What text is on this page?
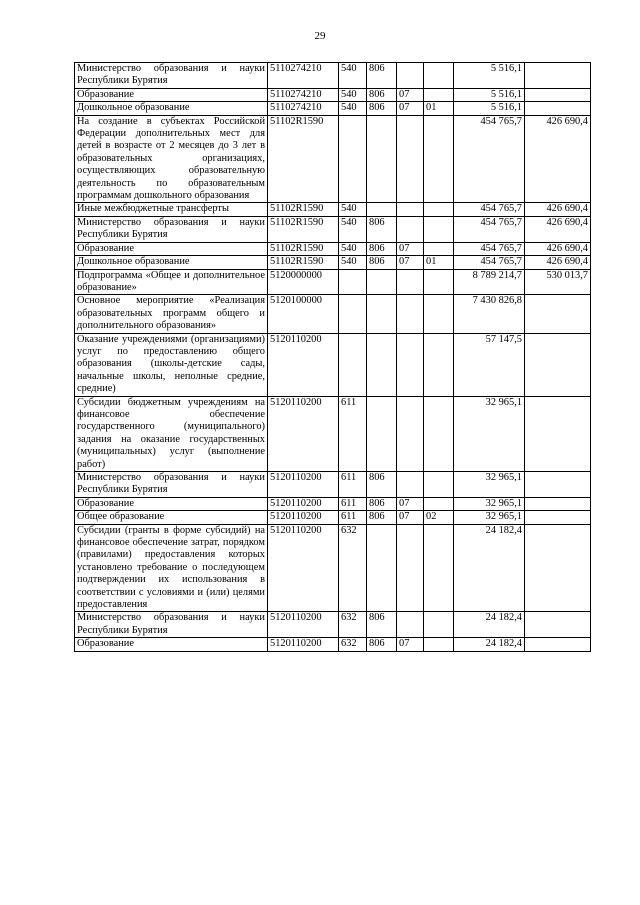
29
Министерство образования и науки Республики Бурятия	5110274210	540	806			5 516,1	
Образование	5110274210	540	806	07		5 516,1	
Дошкольное образование	5110274210	540	806	07	01	5 516,1	
На создание в субъектах Российской Федерации дополнительных мест для детей в возрасте от 2 месяцев до 3 лет в образовательных организациях, осуществляющих образовательную деятельность по образовательным программам дошкольного образования	51102R1590					454 765,7	426 690,4
Иные межбюджетные трансферты	51102R1590	540				454 765,7	426 690,4
Министерство образования и науки Республики Бурятия	51102R1590	540	806			454 765,7	426 690,4
Образование	51102R1590	540	806	07		454 765,7	426 690,4
Дошкольное образование	51102R1590	540	806	07	01	454 765,7	426 690,4
Подпрограмма «Общее и дополнительное образование»	5120000000					8 789 214,7	530 013,7
Основное мероприятие «Реализация образовательных программ общего и дополнительного образования»	5120100000					7 430 826,8	
Оказание учреждениями (организациями) услуг по предоставлению общего образования (школы-детские сады, начальные школы, неполные средние, средние)	5120110200					57 147,5	
Субсидии бюджетным учреждениям на финансовое обеспечение государственного (муниципального) задания на оказание государственных (муниципальных) услуг (выполнение работ)	5120110200	611				32 965,1	
Министерство образования и науки Республики Бурятия	5120110200	611	806			32 965,1	
Образование	5120110200	611	806	07		32 965,1	
Общее образование	5120110200	611	806	07	02	32 965,1	
Субсидии (гранты в форме субсидий) на финансовое обеспечение затрат, порядком (правилами) предоставления которых установлено требование о последующем подтверждении их использования в соответствии с условиями и (или) целями предоставления	5120110200	632				24 182,4	
Министерство образования и науки Республики Бурятия	5120110200	632	806			24 182,4	
Образование	5120110200	632	806	07		24 182,4	
